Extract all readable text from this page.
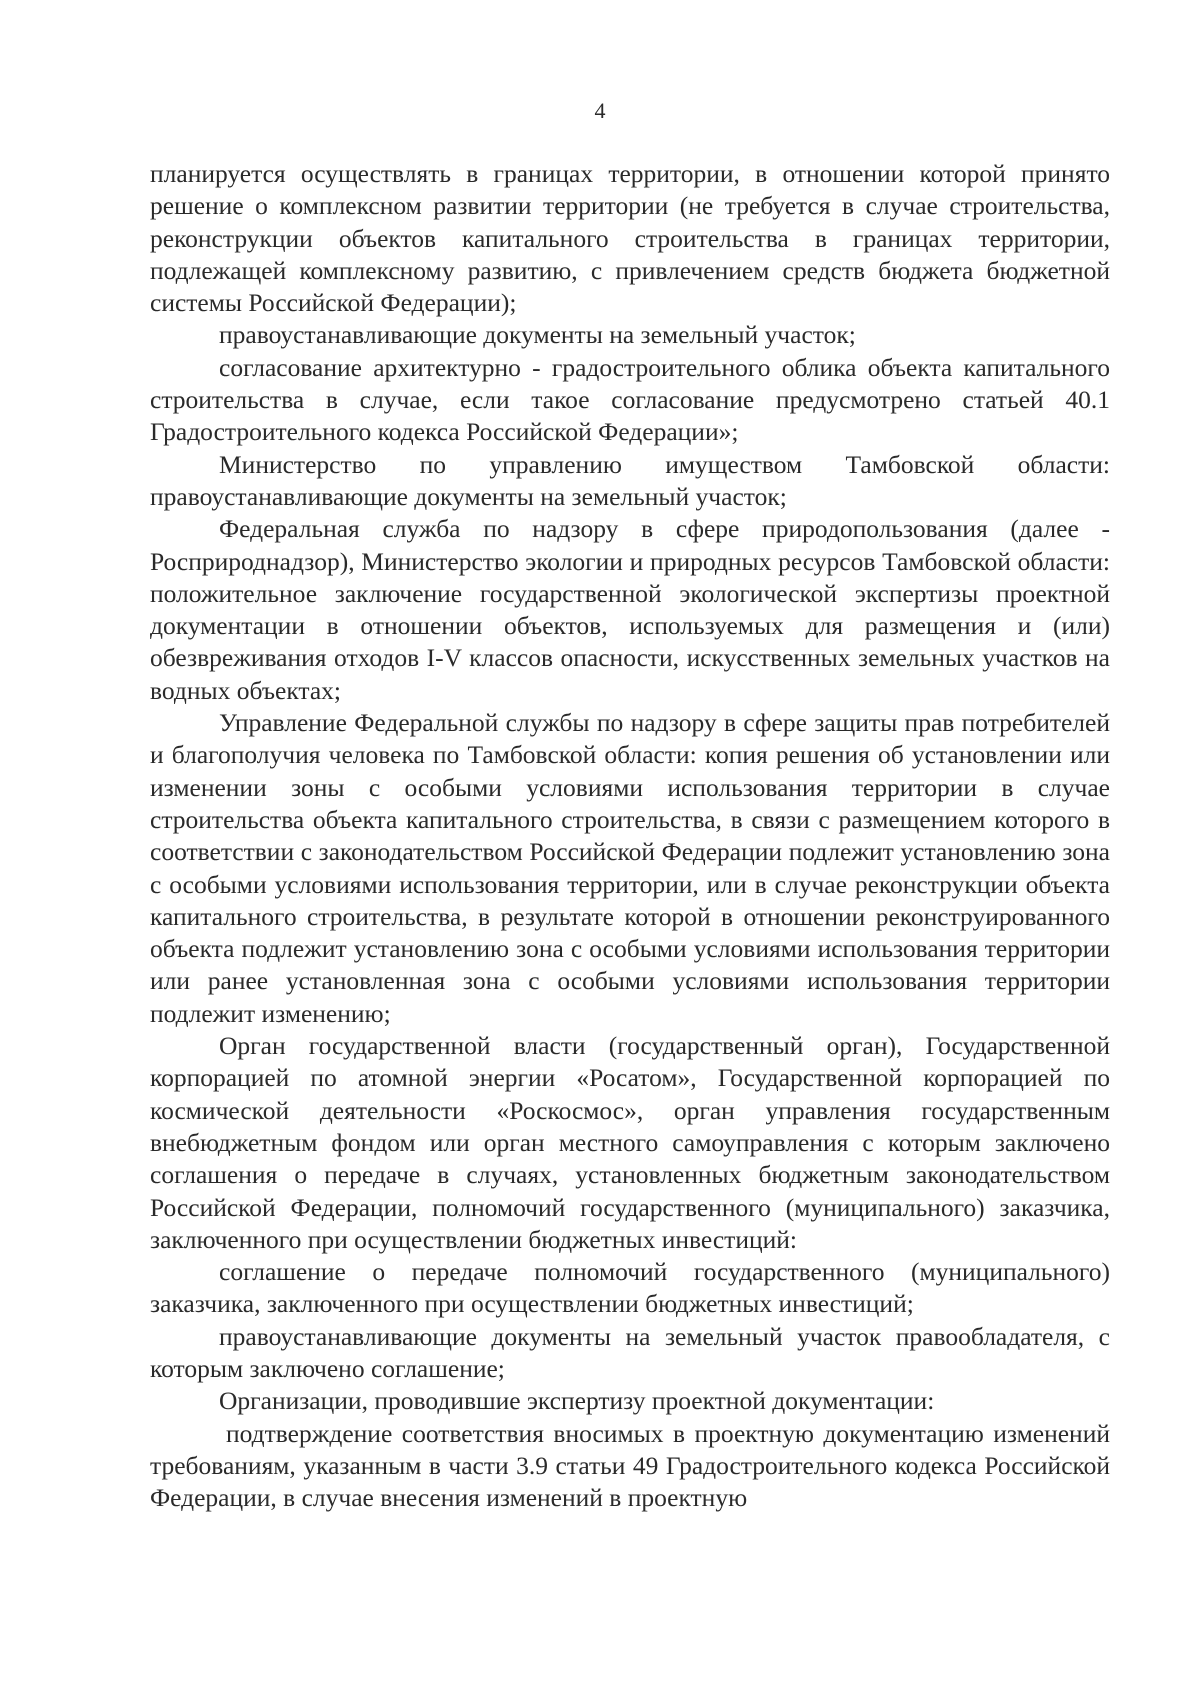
4

планируется осуществлять в границах территории, в отношении которой принято решение о комплексном развитии территории (не требуется в случае строительства, реконструкции объектов капитального строительства в границах территории, подлежащей комплексному развитию, с привлечением средств бюджета бюджетной системы Российской Федерации);

правоустанавливающие документы на земельный участок;

согласование архитектурно - градостроительного облика объекта капитального строительства в случае, если такое согласование предусмотрено статьей 40.1 Градостроительного кодекса Российской Федерации»;

Министерство по управлению имуществом Тамбовской области: правоустанавливающие документы на земельный участок;

Федеральная служба по надзору в сфере природопользования (далее - Росприроднадзор), Министерство экологии и природных ресурсов Тамбовской области: положительное заключение государственной экологической экспертизы проектной документации в отношении объектов, используемых для размещения и (или) обезвреживания отходов I-V классов опасности, искусственных земельных участков на водных объектах;

Управление Федеральной службы по надзору в сфере защиты прав потребителей и благополучия человека по Тамбовской области: копия решения об установлении или изменении зоны с особыми условиями использования территории в случае строительства объекта капитального строительства, в связи с размещением которого в соответствии с законодательством Российской Федерации подлежит установлению зона с особыми условиями использования территории, или в случае реконструкции объекта капитального строительства, в результате которой в отношении реконструированного объекта подлежит установлению зона с особыми условиями использования территории или ранее установленная зона с особыми условиями использования территории подлежит изменению;

Орган государственной власти (государственный орган), Государственной корпорацией по атомной энергии «Росатом», Государственной корпорацией по космической деятельности «Роскосмос», орган управления государственным внебюджетным фондом или орган местного самоуправления с которым заключено соглашения о передаче в случаях, установленных бюджетным законодательством Российской Федерации, полномочий государственного (муниципального) заказчика, заключенного при осуществлении бюджетных инвестиций:

соглашение о передаче полномочий государственного (муниципального) заказчика, заключенного при осуществлении бюджетных инвестиций;

правоустанавливающие документы на земельный участок правообладателя, с которым заключено соглашение;

Организации, проводившие экспертизу проектной документации:

подтверждение соответствия вносимых в проектную документацию изменений требованиям, указанным в части 3.9 статьи 49 Градостроительного кодекса Российской Федерации, в случае внесения изменений в проектную
